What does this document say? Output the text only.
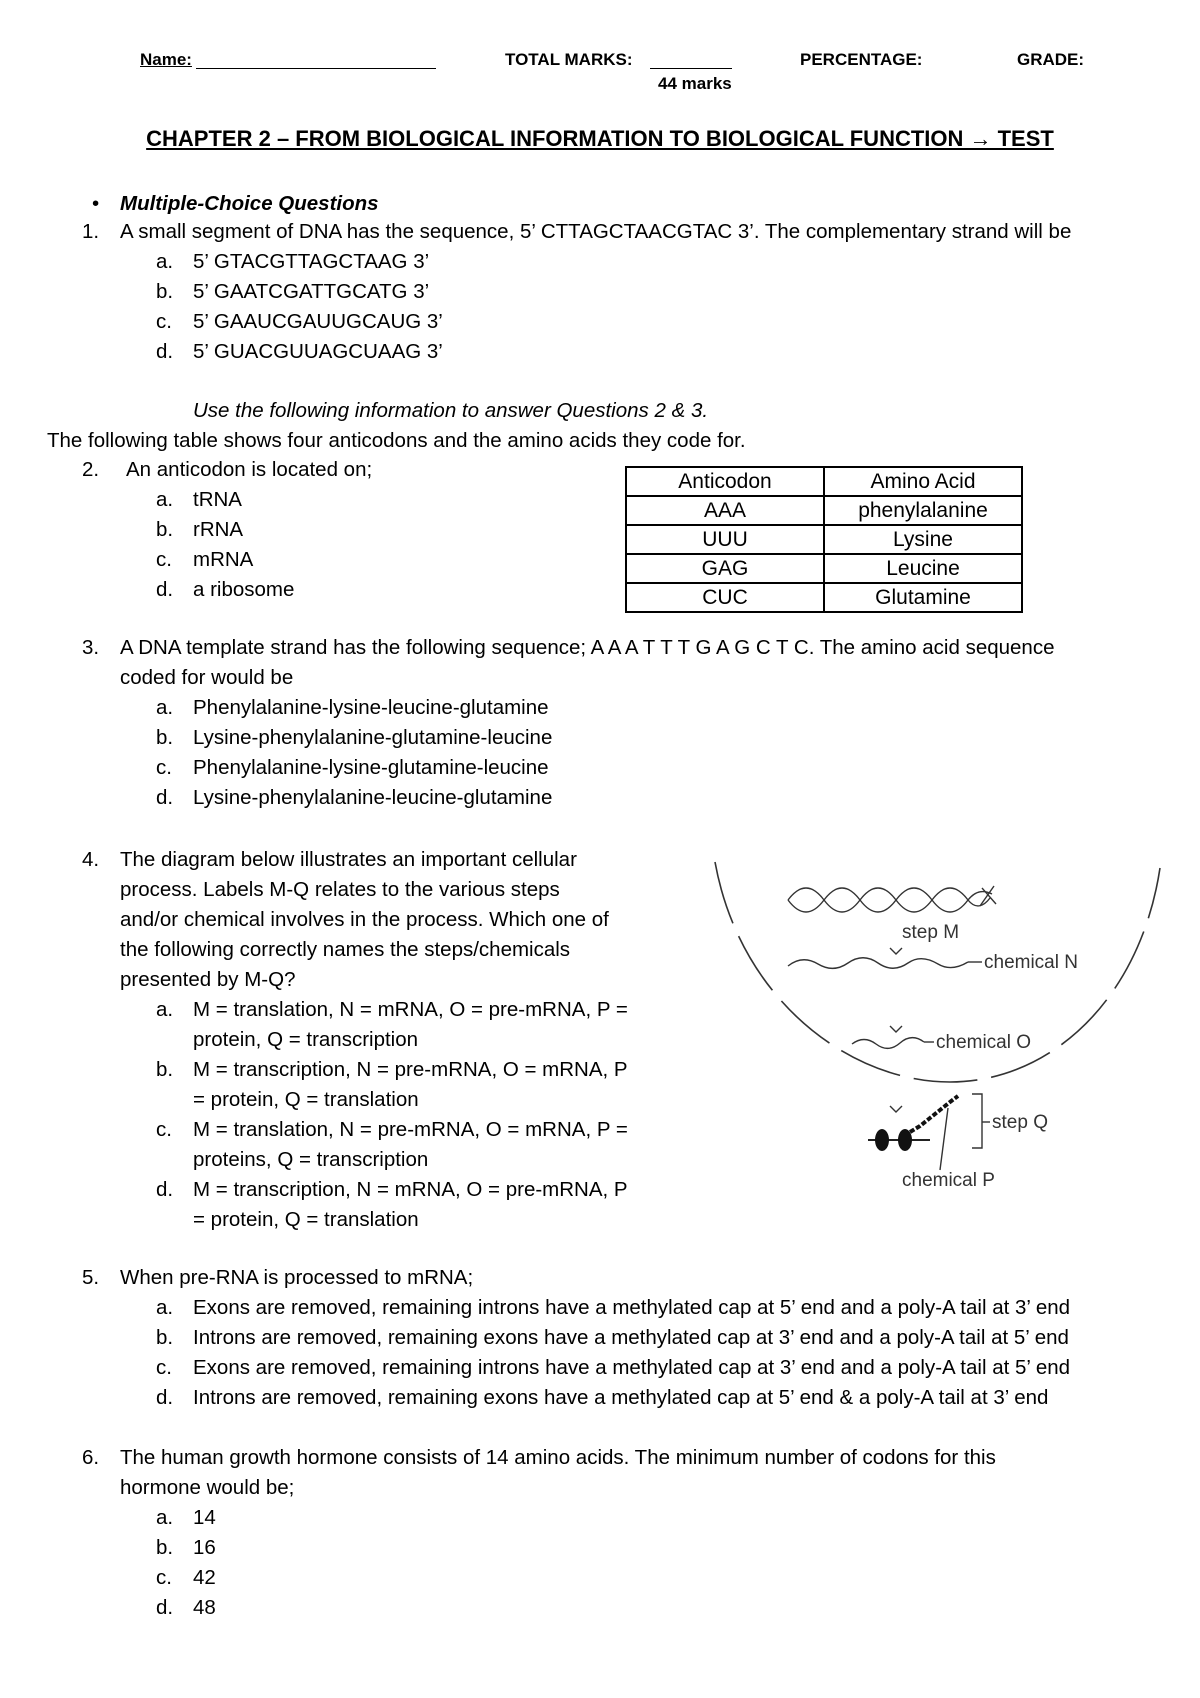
Name:	TOTAL MARKS:
44 marks
PERCENTAGE:	GRADE:
CHAPTER 2 – FROM BIOLOGICAL INFORMATION TO BIOLOGICAL FUNCTION → TEST
• Multiple-Choice Questions
1. A small segment of DNA has the sequence, 5’ CTTAGCTAACGTAC 3’. The complementary strand will be
a. 5’ GTACGTTAGCTAAG 3’
b. 5’ GAATCGATTGCATG 3’
c. 5’ GAAUCGAUUGCAUG 3’
d. 5’ GUACGUUAGCUAAG 3’
Use the following information to answer Questions 2 & 3.
The following table shows four anticodons and the amino acids they code for.
2. An anticodon is located on;
a. tRNA
b. rRNA
c. mRNA
d. a ribosome
Anticodon	Amino Acid
AAA	phenylalanine
UUU	Lysine
GAG	Leucine
CUC	Glutamine
3. A DNA template strand has the following sequence; A A A T T T G A G C T C. The amino acid sequence
coded for would be
a. Phenylalanine-lysine-leucine-glutamine
b. Lysine-phenylalanine-glutamine-leucine
c. Phenylalanine-lysine-glutamine-leucine
d. Lysine-phenylalanine-leucine-glutamine
4. The diagram below illustrates an important cellular
process. Labels M-Q relates to the various steps
and/or chemical involves in the process. Which one of
the following correctly names the steps/chemicals
presented by M-Q?
a. M = translation, N = mRNA, O = pre-mRNA, P =
protein, Q = transcription
b. M = transcription, N = pre-mRNA, O = mRNA, P
= protein, Q = translation
c. M = translation, N = pre-mRNA, O = mRNA, P =
proteins, Q = transcription
d. M = transcription, N = mRNA, O = pre-mRNA, P
= protein, Q = translation
step M
chemical N
chemical O
step Q
chemical P
5. When pre-RNA is processed to mRNA;
a. Exons are removed, remaining introns have a methylated cap at 5’ end and a poly-A tail at 3’ end
b. Introns are removed, remaining exons have a methylated cap at 3’ end and a poly-A tail at 5’ end
c. Exons are removed, remaining introns have a methylated cap at 3’ end and a poly-A tail at 5’ end
d. Introns are removed, remaining exons have a methylated cap at 5’ end & a poly-A tail at 3’ end
6. The human growth hormone consists of 14 amino acids. The minimum number of codons for this
hormone would be;
a. 14
b. 16
c. 42
d. 48
